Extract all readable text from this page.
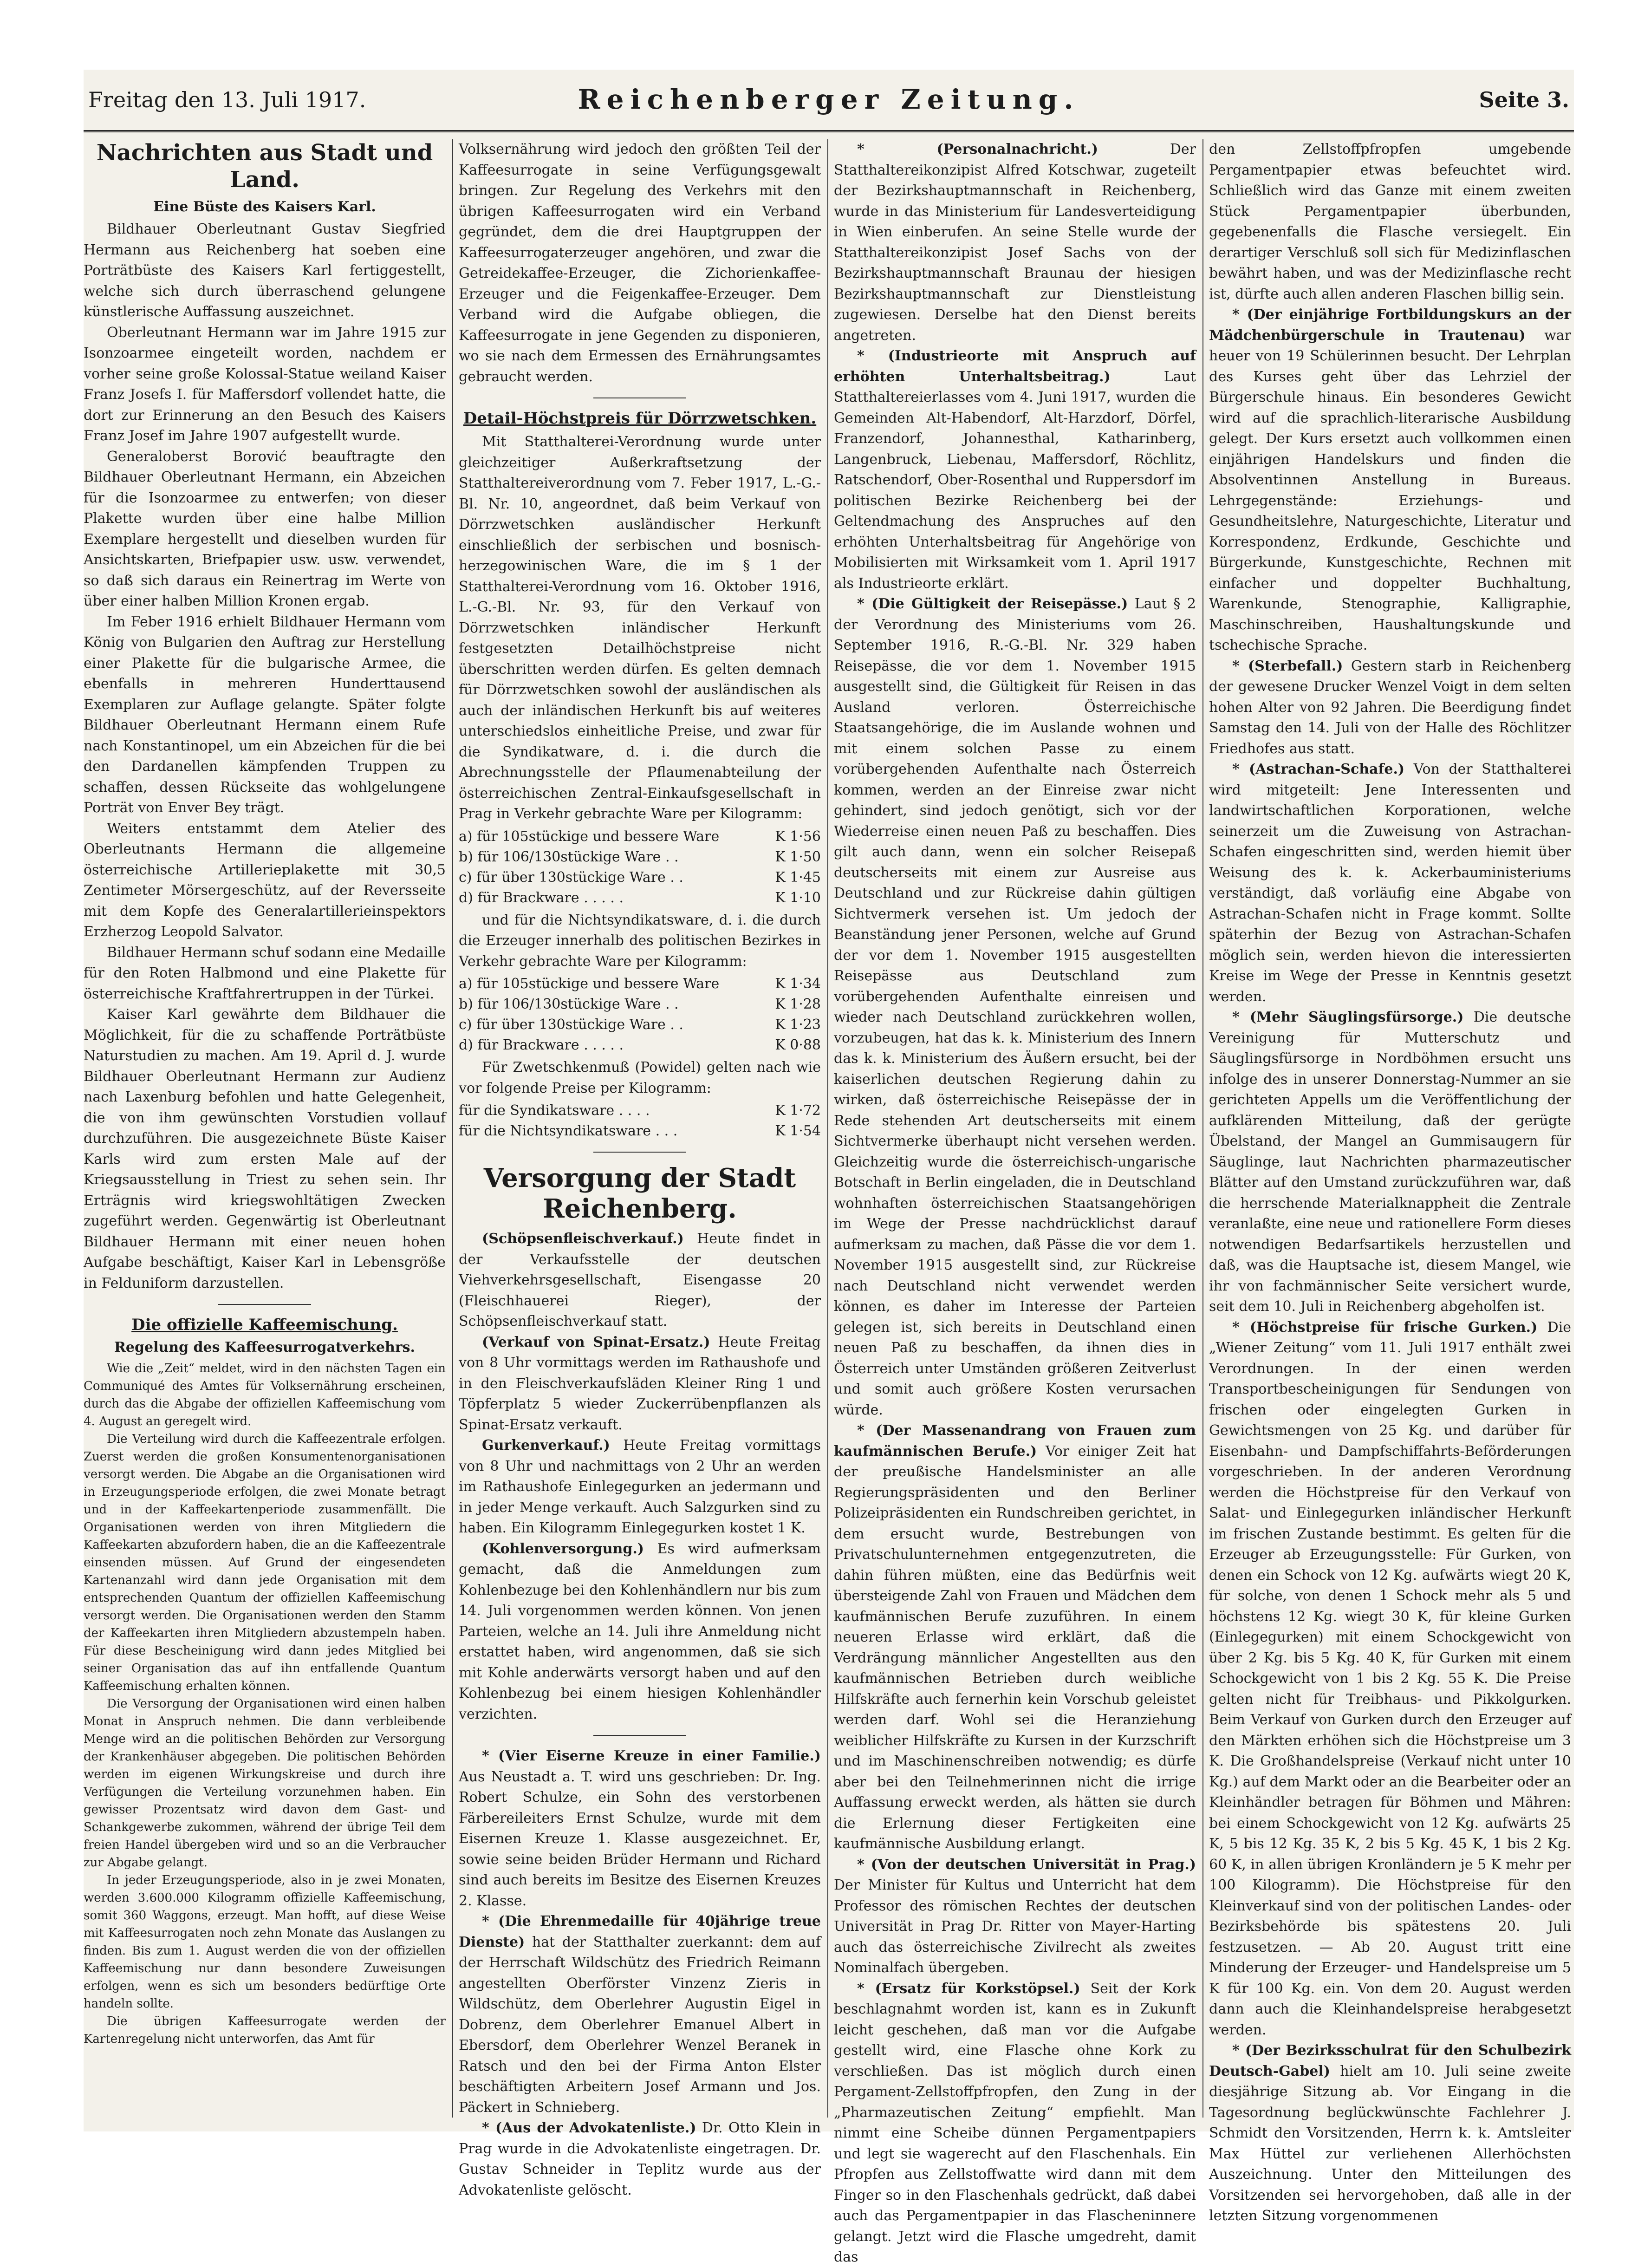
Freitag den 13. Juli 1917.	Reichenberger Zeitung.	Seite 3.
Nachrichten aus Stadt und Land.
Eine Büste des Kaisers Karl.

Bildhauer Oberleutnant Gustav Siegfried Hermann aus Reichenberg hat soeben eine Porträtbüste des Kaisers Karl fertiggestellt, welche sich durch überraschend gelungene künstlerische Auffassung auszeichnet.

Oberleutnant Hermann war im Jahre 1915 zur Isonzoarmee eingeteilt worden, nachdem er vorher seine große Kolossal-Statue weiland Kaiser Franz Josefs I. für Maffersdorf vollendet hatte, die dort zur Erinnerung an den Besuch des Kaisers Franz Josef im Jahre 1907 aufgestellt wurde.

Generaloberst Borović beauftragte den Bildhauer Oberleutnant Hermann, ein Abzeichen für die Isonzoarmee zu entwerfen; von dieser Plakette wurden über eine halbe Million Exemplare hergestellt und dieselben wurden für Ansichtskarten, Briefpapier usw. usw. verwendet, so daß sich daraus ein Reinertrag im Werte von über einer halben Million Kronen ergab.

Im Feber 1916 erhielt Bildhauer Hermann vom König von Bulgarien den Auftrag zur Herstellung einer Plakette für die bulgarische Armee, die ebenfalls in mehreren Hunderttausend Exemplaren zur Auflage gelangte. Später folgte Bildhauer Oberleutnant Hermann einem Rufe nach Konstantinopel, um ein Abzeichen für die bei den Dardanellen kämpfenden Truppen zu schaffen, dessen Rückseite das wohlgelungene Porträt von Enver Bey trägt.

Weiters entstammt dem Atelier des Oberleutnants Hermann die allgemeine österreichische Artillerieplakette mit 30,5 Zentimeter Mörsergeschütz, auf der Reversseite mit dem Kopfe des Generalartillerieinspektors Erzherzog Leopold Salvator.

Bildhauer Hermann schuf sodann eine Medaille für den Roten Halbmond und eine Plakette für österreichische Kraftfahrertruppen in der Türkei.

Kaiser Karl gewährte dem Bildhauer die Möglichkeit, für die zu schaffende Porträtbüste Naturstudien zu machen. Am 19. April d. J. wurde Bildhauer Oberleutnant Hermann zur Audienz nach Laxenburg befohlen und hatte Gelegenheit, die von ihm gewünschten Vorstudien vollauf durchzuführen. Die ausgezeichnete Büste Kaiser Karls wird zum ersten Male auf der Kriegsausstellung in Triest zu sehen sein. Ihr Erträgnis wird kriegswohltätigen Zwecken zugeführt werden. Gegenwärtig ist Oberleutnant Bildhauer Hermann mit einer neuen hohen Aufgabe beschäftigt, Kaiser Karl in Lebensgröße in Felduniform darzustellen.

Die offizielle Kaffeemischung.
Regelung des Kaffeesurrogatverkehrs.

Wie die „Zeit“ meldet, wird in den nächsten Tagen ein Communiqué des Amtes für Volksernährung erscheinen, durch das die Abgabe der offiziellen Kaffeemischung vom 4. August an geregelt wird.

Die Verteilung wird durch die Kaffeezentrale erfolgen. Zuerst werden die großen Konsumentenorganisationen versorgt werden. Die Abgabe an die Organisationen wird in Erzeugungsperiode erfolgen, die zwei Monate betragt und in der Kaffeekartenperiode zusammenfällt. Die Organisationen werden von ihren Mitgliedern die Kaffeekarten abzufordern haben, die an die Kaffeezentrale einsenden müssen. Auf Grund der eingesendeten Kartenanzahl wird dann jede Organisation mit dem entsprechenden Quantum der offiziellen Kaffeemischung versorgt werden. Die Organisationen werden den Stamm der Kaffeekarten ihren Mitgliedern abzustempeln haben. Für diese Bescheinigung wird dann jedes Mitglied bei seiner Organisation das auf ihn entfallende Quantum Kaffeemischung erhalten können.

Die Versorgung der Organisationen wird einen halben Monat in Anspruch nehmen. Die dann verbleibende Menge wird an die politischen Behörden zur Versorgung der Krankenhäuser abgegeben. Die politischen Behörden werden im eigenen Wirkungskreise und durch ihre Verfügungen die Verteilung vorzunehmen haben. Ein gewisser Prozentsatz wird davon dem Gast- und Schankgewerbe zukommen, während der übrige Teil dem freien Handel übergeben wird und so an die Verbraucher zur Abgabe gelangt.

In jeder Erzeugungsperiode, also in je zwei Monaten, werden 3.600.000 Kilogramm offizielle Kaffeemischung, somit 360 Waggons, erzeugt. Man hofft, auf diese Weise mit Kaffeesurrogaten noch zehn Monate das Auslangen zu finden. Bis zum 1. August werden die von der offiziellen Kaffeemischung nur dann besondere Zuweisungen erfolgen, wenn es sich um besonders bedürftige Orte handeln sollte.

Die übrigen Kaffeesurrogate werden der Kartenregelung nicht unterworfen, das Amt für

Volksernährung wird jedoch den größten Teil der Kaffeesurrogate in seine Verfügungsgewalt bringen. Zur Regelung des Verkehrs mit den übrigen Kaffeesurrogaten wird ein Verband gegründet, dem die drei Hauptgruppen der Kaffeesurrogaterzeuger angehören, und zwar die Getreidekaffee-Erzeuger, die Zichorienkaffee-Erzeuger und die Feigenkaffee-Erzeuger. Dem Verband wird die Aufgabe obliegen, die Kaffeesurrogate in jene Gegenden zu disponieren, wo sie nach dem Ermessen des Ernährungsamtes gebraucht werden.

Detail-Höchstpreis für Dörrzwetschken.

Mit Statthalterei-Verordnung wurde unter gleichzeitiger Außerkraftsetzung der Statthaltereiverordnung vom 7. Feber 1917, L.-G.-Bl. Nr. 10, angeordnet, daß beim Verkauf von Dörrzwetschken ausländischer Herkunft einschließlich der serbischen und bosnisch-herzegowinischen Ware, die im § 1 der Statthalterei-Verordnung vom 16. Oktober 1916, L.-G.-Bl. Nr. 93, für den Verkauf von Dörrzwetschken inländischer Herkunft festgesetzten Detailhöchstpreise nicht überschritten werden dürfen. Es gelten demnach für Dörrzwetschken sowohl der ausländischen als auch der inländischen Herkunft bis auf weiteres unterschiedslos einheitliche Preise, und zwar für die Syndikatware, d. i. die durch die Abrechnungsstelle der Pflaumenabteilung der österreichischen Zentral-Einkaufsgesellschaft in Prag in Verkehr gebrachte Ware per Kilogramm:

a) für 105stückige und bessere Ware	K 1·56
b) für 106/130stückige Ware . .	K 1·50
c) für über 130stückige Ware . .	K 1·45
d) für Brackware . . . . .	K 1·10

und für die Nichtsyndikatsware, d. i. die durch die Erzeuger innerhalb des politischen Bezirkes in Verkehr gebrachte Ware per Kilogramm:

a) für 105stückige und bessere Ware	K 1·34
b) für 106/130stückige Ware . .	K 1·28
c) für über 130stückige Ware . .	K 1·23
d) für Brackware . . . . .	K 0·88

Für Zwetschkenmuß (Powidel) gelten nach wie vor folgende Preise per Kilogramm:

für die Syndikatsware . . . .	K 1·72
für die Nichtsyndikatsware . . .	K 1·54
Versorgung der Stadt Reichenberg.

(Schöpsenfleischverkauf.) Heute findet in der Verkaufsstelle der deutschen Viehverkehrsgesellschaft, Eisengasse 20 (Fleischhauerei Rieger), der Schöpsenfleischverkauf statt.

(Verkauf von Spinat-Ersatz.) Heute Freitag von 8 Uhr vormittags werden im Rathaushofe und in den Fleischverkaufsläden Kleiner Ring 1 und Töpferplatz 5 wieder Zuckerrübenpflanzen als Spinat-Ersatz verkauft.

Gurkenverkauf.) Heute Freitag vormittags von 8 Uhr und nachmittags von 2 Uhr an werden im Rathaushofe Einlegegurken an jedermann und in jeder Menge verkauft. Auch Salzgurken sind zu haben. Ein Kilogramm Einlegegurken kostet 1 K.

(Kohlenversorgung.) Es wird aufmerksam gemacht, daß die Anmeldungen zum Kohlenbezuge bei den Kohlenhändlern nur bis zum 14. Juli vorgenommen werden können. Von jenen Parteien, welche an 14. Juli ihre Anmeldung nicht erstattet haben, wird angenommen, daß sie sich mit Kohle anderwärts versorgt haben und auf den Kohlenbezug bei einem hiesigen Kohlenhändler verzichten.

* (Vier Eiserne Kreuze in einer Familie.) Aus Neustadt a. T. wird uns geschrieben: Dr. Ing. Robert Schulze, ein Sohn des verstorbenen Färbereileiters Ernst Schulze, wurde mit dem Eisernen Kreuze 1. Klasse ausgezeichnet. Er, sowie seine beiden Brüder Hermann und Richard sind auch bereits im Besitze des Eisernen Kreuzes 2. Klasse.

* (Die Ehrenmedaille für 40jährige treue Dienste) hat der Statthalter zuerkannt: dem auf der Herrschaft Wildschütz des Friedrich Reimann angestellten Oberförster Vinzenz Zieris in Wildschütz, dem Oberlehrer Augustin Eigel in Dobrenz, dem Oberlehrer Emanuel Albert in Ebersdorf, dem Oberlehrer Wenzel Beranek in Ratsch und den bei der Firma Anton Elster beschäftigten Arbeitern Josef Armann und Jos. Päckert in Schnieberg.

* (Aus der Advokatenliste.) Dr. Otto Klein in Prag wurde in die Advokatenliste eingetragen. Dr. Gustav Schneider in Teplitz wurde aus der Advokatenliste gelöscht.

* (Personalnachricht.) Der Statthaltereikonzipist Alfred Kotschwar, zugeteilt der Bezirkshauptmannschaft in Reichenberg, wurde in das Ministerium für Landesverteidigung in Wien einberufen. An seine Stelle wurde der Statthaltereikonzipist Josef Sachs von der Bezirkshauptmannschaft Braunau der hiesigen Bezirkshauptmannschaft zur Dienstleistung zugewiesen. Derselbe hat den Dienst bereits angetreten.

* (Industrieorte mit Anspruch auf erhöhten Unterhaltsbeitrag.) Laut Statthaltereierlasses vom 4. Juni 1917, wurden die Gemeinden Alt-Habendorf, Alt-Harzdorf, Dörfel, Franzendorf, Johannesthal, Katharinberg, Langenbruck, Liebenau, Maffersdorf, Röchlitz, Ratschendorf, Ober-Rosenthal und Ruppersdorf im politischen Bezirke Reichenberg bei der Geltendmachung des Anspruches auf den erhöhten Unterhaltsbeitrag für Angehörige von Mobilisierten mit Wirksamkeit vom 1. April 1917 als Industrieorte erklärt.

* (Die Gültigkeit der Reisepässe.) Laut § 2 der Verordnung des Ministeriums vom 26. September 1916, R.-G.-Bl. Nr. 329 haben Reisepässe, die vor dem 1. November 1915 ausgestellt sind, die Gültigkeit für Reisen in das Ausland verloren. Österreichische Staatsangehörige, die im Auslande wohnen und mit einem solchen Passe zu einem vorübergehenden Aufenthalte nach Österreich kommen, werden an der Einreise zwar nicht gehindert, sind jedoch genötigt, sich vor der Wiederreise einen neuen Paß zu beschaffen. Dies gilt auch dann, wenn ein solcher Reisepaß deutscherseits mit einem zur Ausreise aus Deutschland und zur Rückreise dahin gültigen Sichtvermerk versehen ist. Um jedoch der Beanständung jener Personen, welche auf Grund der vor dem 1. November 1915 ausgestellten Reisepässe aus Deutschland zum vorübergehenden Aufenthalte einreisen und wieder nach Deutschland zurückkehren wollen, vorzubeugen, hat das k. k. Ministerium des Innern das k. k. Ministerium des Äußern ersucht, bei der kaiserlichen deutschen Regierung dahin zu wirken, daß österreichische Reisepässe der in Rede stehenden Art deutscherseits mit einem Sichtvermerke überhaupt nicht versehen werden. Gleichzeitig wurde die österreichisch-ungarische Botschaft in Berlin eingeladen, die in Deutschland wohnhaften österreichischen Staatsangehörigen im Wege der Presse nachdrücklichst darauf aufmerksam zu machen, daß Pässe die vor dem 1. November 1915 ausgestellt sind, zur Rückreise nach Deutschland nicht verwendet werden können, es daher im Interesse der Parteien gelegen ist, sich bereits in Deutschland einen neuen Paß zu beschaffen, da ihnen dies in Österreich unter Umständen größeren Zeitverlust und somit auch größere Kosten verursachen würde.

* (Der Massenandrang von Frauen zum kaufmännischen Berufe.) Vor einiger Zeit hat der preußische Handelsminister an alle Regierungspräsidenten und den Berliner Polizeipräsidenten ein Rundschreiben gerichtet, in dem ersucht wurde, Bestrebungen von Privatschulunternehmen entgegenzutreten, die dahin führen müßten, eine das Bedürfnis weit übersteigende Zahl von Frauen und Mädchen dem kaufmännischen Berufe zuzuführen. In einem neueren Erlasse wird erklärt, daß die Verdrängung männlicher Angestellten aus den kaufmännischen Betrieben durch weibliche Hilfskräfte auch fernerhin kein Vorschub geleistet werden darf. Wohl sei die Heranziehung weiblicher Hilfskräfte zu Kursen in der Kurzschrift und im Maschinenschreiben notwendig; es dürfe aber bei den Teilnehmerinnen nicht die irrige Auffassung erweckt werden, als hätten sie durch die Erlernung dieser Fertigkeiten eine kaufmännische Ausbildung erlangt.

* (Von der deutschen Universität in Prag.) Der Minister für Kultus und Unterricht hat dem Professor des römischen Rechtes der deutschen Universität in Prag Dr. Ritter von Mayer-Harting auch das österreichische Zivilrecht als zweites Nominalfach übergeben.

* (Ersatz für Korkstöpsel.) Seit der Kork beschlagnahmt worden ist, kann es in Zukunft leicht geschehen, daß man vor die Aufgabe gestellt wird, eine Flasche ohne Kork zu verschließen. Das ist möglich durch einen Pergament-Zellstoffpfropfen, den Zung in der „Pharmazeutischen Zeitung“ empfiehlt. Man nimmt eine Scheibe dünnen Pergamentpapiers und legt sie wagerecht auf den Flaschenhals. Ein Pfropfen aus Zellstoffwatte wird dann mit dem Finger so in den Flaschenhals gedrückt, daß dabei auch das Pergamentpapier in das Flascheninnere gelangt. Jetzt wird die Flasche umgedreht, damit das

den Zellstoffpfropfen umgebende Pergamentpapier etwas befeuchtet wird. Schließlich wird das Ganze mit einem zweiten Stück Pergamentpapier überbunden, gegebenenfalls die Flasche versiegelt. Ein derartiger Verschluß soll sich für Medizinflaschen bewährt haben, und was der Medizinflasche recht ist, dürfte auch allen anderen Flaschen billig sein.

* (Der einjährige Fortbildungskurs an der Mädchenbürgerschule in Trautenau) war heuer von 19 Schülerinnen besucht. Der Lehrplan des Kurses geht über das Lehrziel der Bürgerschule hinaus. Ein besonderes Gewicht wird auf die sprachlich-literarische Ausbildung gelegt. Der Kurs ersetzt auch vollkommen einen einjährigen Handelskurs und finden die Absolventinnen Anstellung in Bureaus. Lehrgegenstände: Erziehungs- und Gesundheitslehre, Naturgeschichte, Literatur und Korrespondenz, Erdkunde, Geschichte und Bürgerkunde, Kunstgeschichte, Rechnen mit einfacher und doppelter Buchhaltung, Warenkunde, Stenographie, Kalligraphie, Maschinschreiben, Haushaltungskunde und tschechische Sprache.

* (Sterbefall.) Gestern starb in Reichenberg der gewesene Drucker Wenzel Voigt in dem selten hohen Alter von 92 Jahren. Die Beerdigung findet Samstag den 14. Juli von der Halle des Röchlitzer Friedhofes aus statt.

* (Astrachan-Schafe.) Von der Statthalterei wird mitgeteilt: Jene Interessenten und landwirtschaftlichen Korporationen, welche seinerzeit um die Zuweisung von Astrachan-Schafen eingeschritten sind, werden hiemit über Weisung des k. k. Ackerbauministeriums verständigt, daß vorläufig eine Abgabe von Astrachan-Schafen nicht in Frage kommt. Sollte späterhin der Bezug von Astrachan-Schafen möglich sein, werden hievon die interessierten Kreise im Wege der Presse in Kenntnis gesetzt werden.

* (Mehr Säuglingsfürsorge.) Die deutsche Vereinigung für Mutterschutz und Säuglingsfürsorge in Nordböhmen ersucht uns infolge des in unserer Donnerstag-Nummer an sie gerichteten Appells um die Veröffentlichung der aufklärenden Mitteilung, daß der gerügte Übelstand, der Mangel an Gummisaugern für Säuglinge, laut Nachrichten pharmazeutischer Blätter auf den Umstand zurückzuführen war, daß die herrschende Materialknappheit die Zentrale veranlaßte, eine neue und rationellere Form dieses notwendigen Bedarfsartikels herzustellen und daß, was die Hauptsache ist, diesem Mangel, wie ihr von fachmännischer Seite versichert wurde, seit dem 10. Juli in Reichenberg abgeholfen ist.

* (Höchstpreise für frische Gurken.) Die „Wiener Zeitung“ vom 11. Juli 1917 enthält zwei Verordnungen. In der einen werden Transportbescheinigungen für Sendungen von frischen oder eingelegten Gurken in Gewichtsmengen von 25 Kg. und darüber für Eisenbahn- und Dampfschiffahrts-Beförderungen vorgeschrieben. In der anderen Verordnung werden die Höchstpreise für den Verkauf von Salat- und Einlegegurken inländischer Herkunft im frischen Zustande bestimmt. Es gelten für die Erzeuger ab Erzeugungsstelle: Für Gurken, von denen ein Schock von 12 Kg. aufwärts wiegt 20 K, für solche, von denen 1 Schock mehr als 5 und höchstens 12 Kg. wiegt 30 K, für kleine Gurken (Einlegegurken) mit einem Schockgewicht von über 2 Kg. bis 5 Kg. 40 K, für Gurken mit einem Schockgewicht von 1 bis 2 Kg. 55 K. Die Preise gelten nicht für Treibhaus- und Pikkolgurken. Beim Verkauf von Gurken durch den Erzeuger auf den Märkten erhöhen sich die Höchstpreise um 3 K. Die Großhandelspreise (Verkauf nicht unter 10 Kg.) auf dem Markt oder an die Bearbeiter oder an Kleinhändler betragen für Böhmen und Mähren: bei einem Schockgewicht von 12 Kg. aufwärts 25 K, 5 bis 12 Kg. 35 K, 2 bis 5 Kg. 45 K, 1 bis 2 Kg. 60 K, in allen übrigen Kronländern je 5 K mehr per 100 Kilogramm). Die Höchstpreise für den Kleinverkauf sind von der politischen Landes- oder Bezirksbehörde bis spätestens 20. Juli festzusetzen. — Ab 20. August tritt eine Minderung der Erzeuger- und Handelspreise um 5 K für 100 Kg. ein. Von dem 20. August werden dann auch die Kleinhandelspreise herabgesetzt werden.

* (Der Bezirksschulrat für den Schulbezirk Deutsch-Gabel) hielt am 10. Juli seine zweite diesjährige Sitzung ab. Vor Eingang in die Tagesordnung beglückwünschte Fachlehrer J. Schmidt den Vorsitzenden, Herrn k. k. Amtsleiter Max Hüttel zur verliehenen Allerhöchsten Auszeichnung. Unter den Mitteilungen des Vorsitzenden sei hervorgehoben, daß alle in der letzten Sitzung vorgenommenen
